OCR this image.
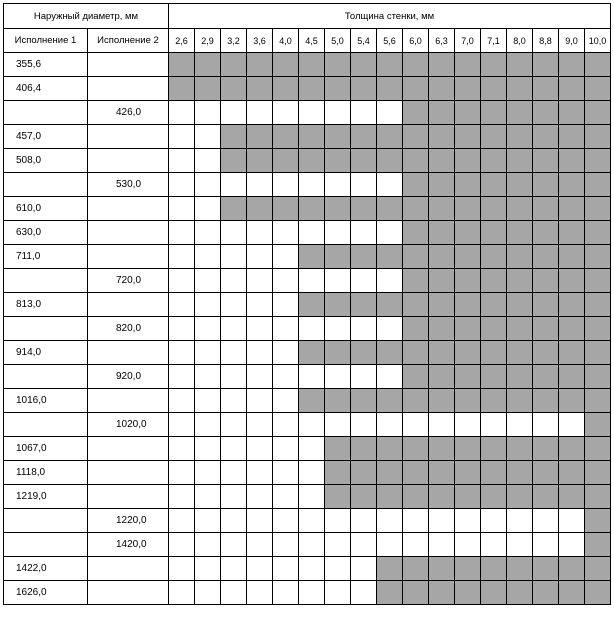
Наружный диаметр, мм		Толщина стенки, мм																
Исполнение 1	Исполнение 2	2,6	2,9	3,2	3,6	4,0	4,5	5,0	5,4	5,6	6,0	6,3	7,0	7,1	8,0	8,8	9,0	10,0
355,6																		
406,4																		
	426,0																	
457,0																		
508,0																		
	530,0																	
610,0																		
630,0																		
711,0																		
	720,0																	
813,0																		
	820,0																	
914,0																		
	920,0																	
1016,0																		
	1020,0																	
1067,0																		
1118,0																		
1219,0																		
	1220,0																	
	1420,0																	
1422,0																		
1626,0																		
